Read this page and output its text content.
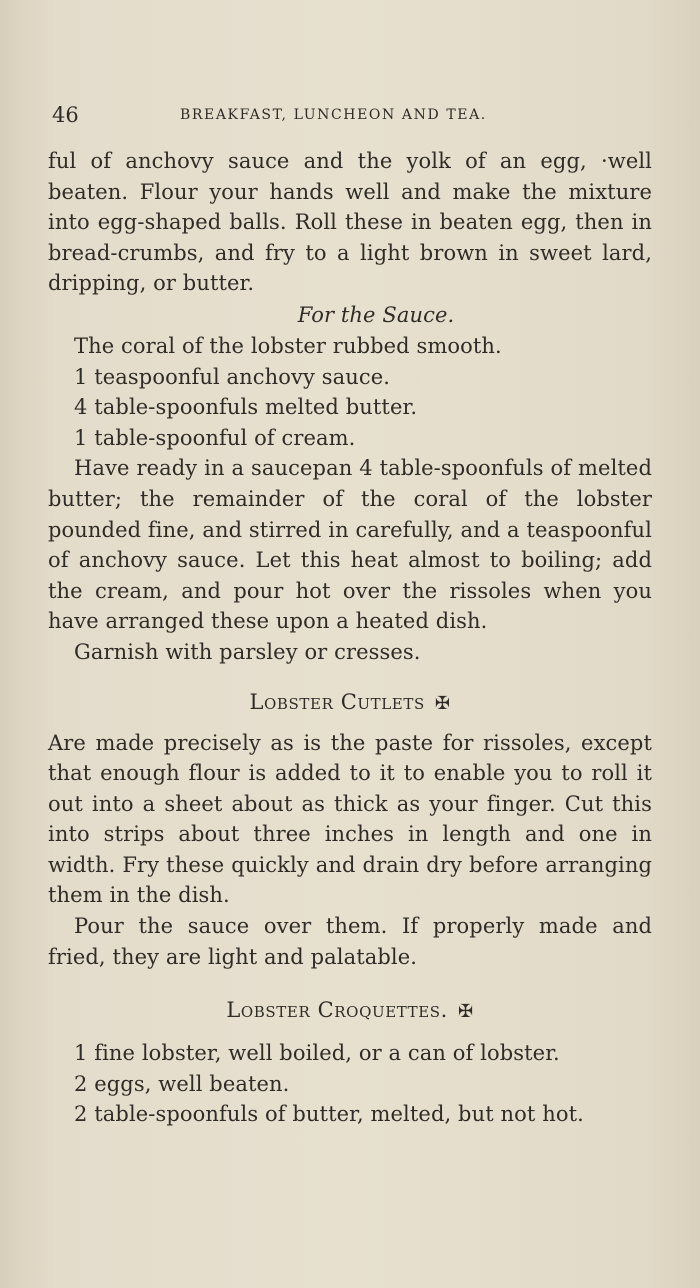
46	BREAKFAST, LUNCHEON AND TEA.

ful of anchovy sauce and the yolk of an egg, ·well beaten. Flour your hands well and make the mixture into egg-shaped balls. Roll these in beaten egg, then in bread-crumbs, and fry to a light brown in sweet lard, dripping, or butter.

For the Sauce.
The coral of the lobster rubbed smooth.
1 teaspoonful anchovy sauce.
4 table-spoonfuls melted butter.
1 table-spoonful of cream.

Have ready in a saucepan 4 table-spoonfuls of melted butter; the remainder of the coral of the lobster pounded fine, and stirred in carefully, and a teaspoonful of anchovy sauce. Let this heat almost to boiling; add the cream, and pour hot over the rissoles when you have arranged these upon a heated dish.

Garnish with parsley or cresses.

Lobster Cutlets ✠

Are made precisely as is the paste for rissoles, except that enough flour is added to it to enable you to roll it out into a sheet about as thick as your finger. Cut this into strips about three inches in length and one in width. Fry these quickly and drain dry before arranging them in the dish.

Pour the sauce over them. If properly made and fried, they are light and palatable.

Lobster Croquettes. ✠
1 fine lobster, well boiled, or a can of lobster.
2 eggs, well beaten.
2 table-spoonfuls of butter, melted, but not hot.
